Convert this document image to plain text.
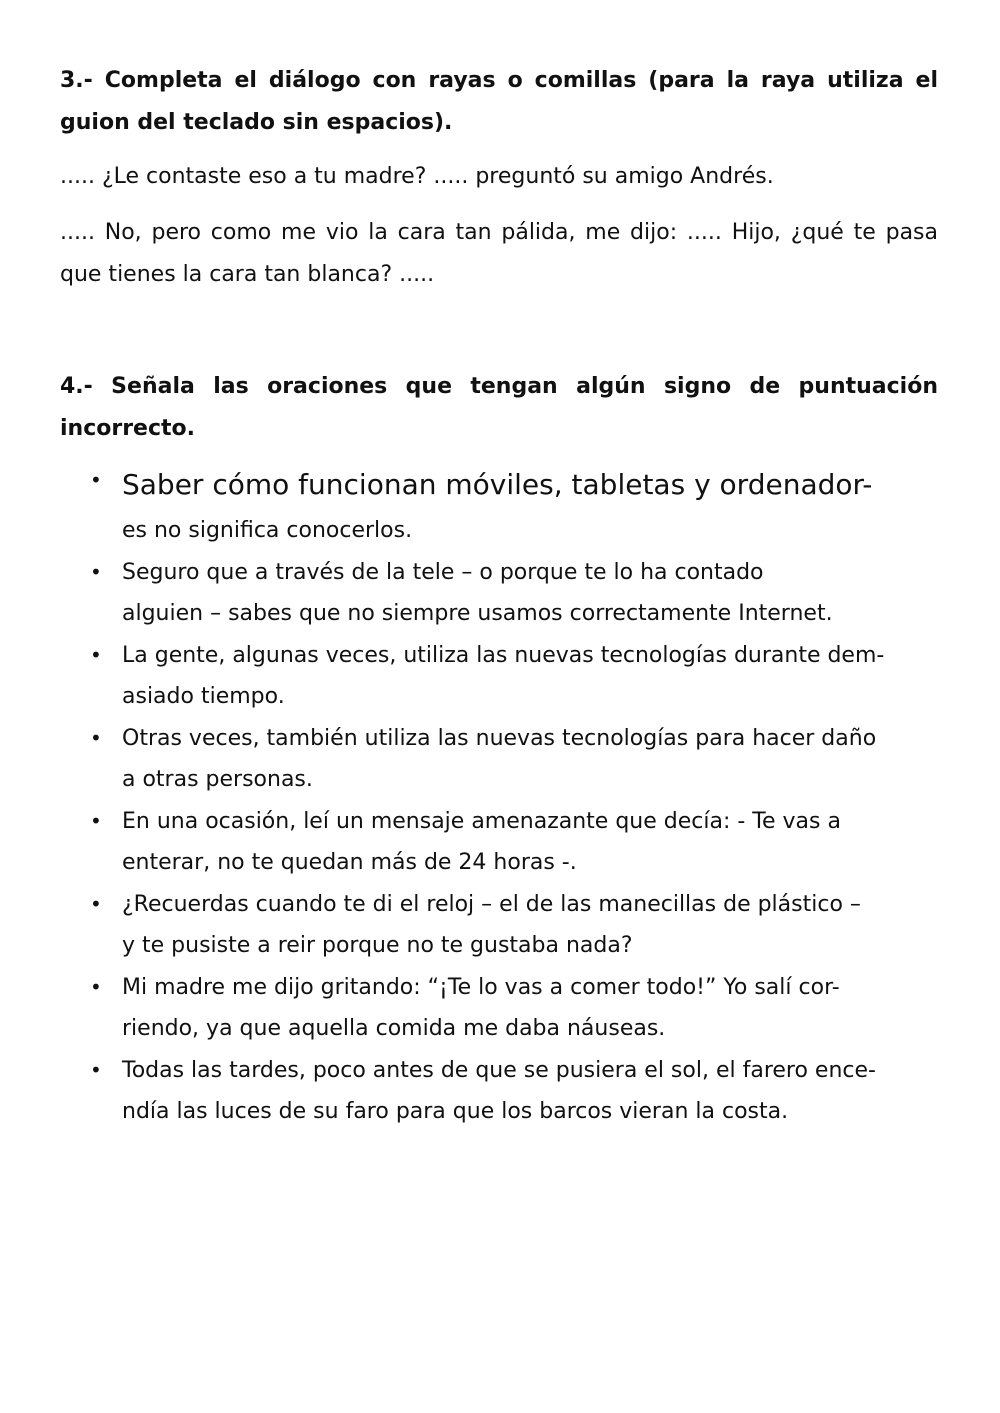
3.- Completa el diálogo con rayas o comillas (para la raya utiliza el guion del teclado sin espacios).

..... ¿Le contaste eso a tu madre? ..... preguntó su amigo Andrés.

..... No, pero como me vio la cara tan pálida, me dijo: ..... Hijo, ¿qué te pasa que tienes la cara tan blanca? .....

4.- Señala las oraciones que tengan algún signo de puntuación incorrecto.

• Saber cómo funcionan móviles, tabletas y ordenador-
es no significa conocerlos.
• Seguro que a través de la tele – o porque te lo ha contado
alguien – sabes que no siempre usamos correctamente Internet.
• La gente, algunas veces, utiliza las nuevas tecnologías durante dem-
asiado tiempo.
• Otras veces, también utiliza las nuevas tecnologías para hacer daño
a otras personas.
• En una ocasión, leí un mensaje amenazante que decía: - Te vas a
enterar, no te quedan más de 24 horas -.
• ¿Recuerdas cuando te di el reloj – el de las manecillas de plástico –
y te pusiste a reir porque no te gustaba nada?
• Mi madre me dijo gritando: “¡Te lo vas a comer todo!” Yo salí cor-
riendo, ya que aquella comida me daba náuseas.
• Todas las tardes, poco antes de que se pusiera el sol, el farero ence-
ndía las luces de su faro para que los barcos vieran la costa.
